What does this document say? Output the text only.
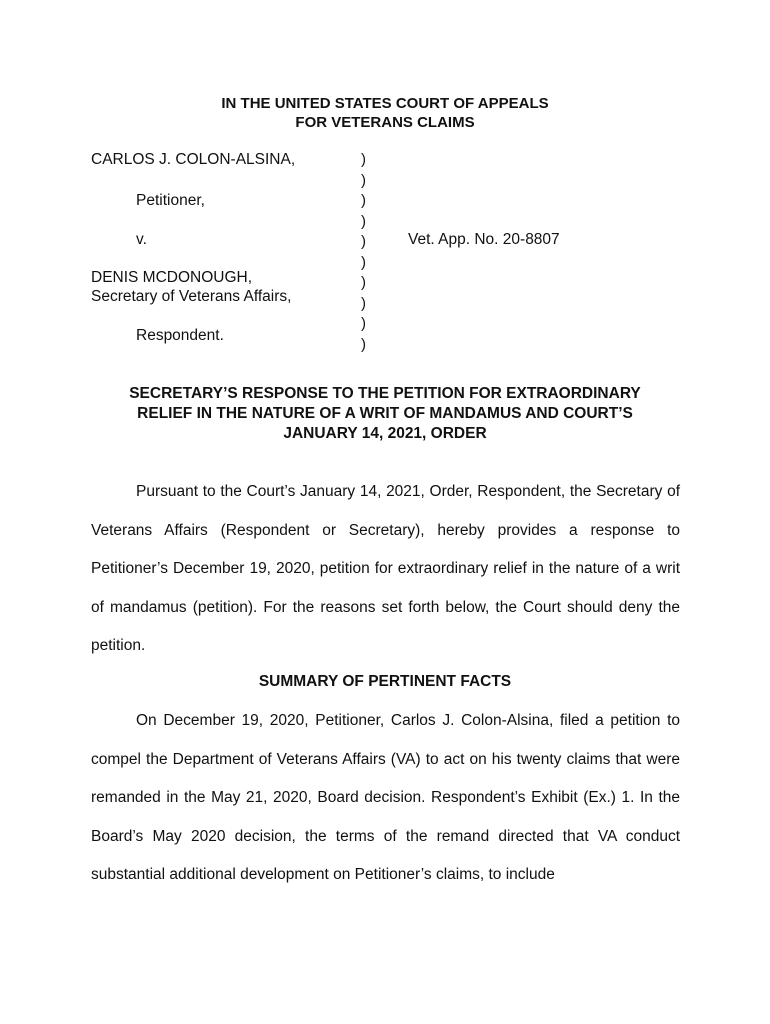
IN THE UNITED STATES COURT OF APPEALS
FOR VETERANS CLAIMS
CARLOS J. COLON-ALSINA,
Petitioner,
v.
DENIS MCDONOUGH,
Secretary of Veterans Affairs,
Respondent.
Vet. App. No. 20-8807
)
)
)
)
)
)
)
)
)
)
SECRETARY’S RESPONSE TO THE PETITION FOR EXTRAORDINARY
RELIEF IN THE NATURE OF A WRIT OF MANDAMUS AND COURT’S
JANUARY 14, 2021, ORDER

Pursuant to the Court’s January 14, 2021, Order, Respondent, the Secretary of Veterans Affairs (Respondent or Secretary), hereby provides a response to Petitioner’s December 19, 2020, petition for extraordinary relief in the nature of a writ of mandamus (petition). For the reasons set forth below, the Court should deny the petition.

SUMMARY OF PERTINENT FACTS

On December 19, 2020, Petitioner, Carlos J. Colon-Alsina, filed a petition to compel the Department of Veterans Affairs (VA) to act on his twenty claims that were remanded in the May 21, 2020, Board decision. Respondent’s Exhibit (Ex.) 1. In the Board’s May 2020 decision, the terms of the remand directed that VA conduct substantial additional development on Petitioner’s claims, to include
